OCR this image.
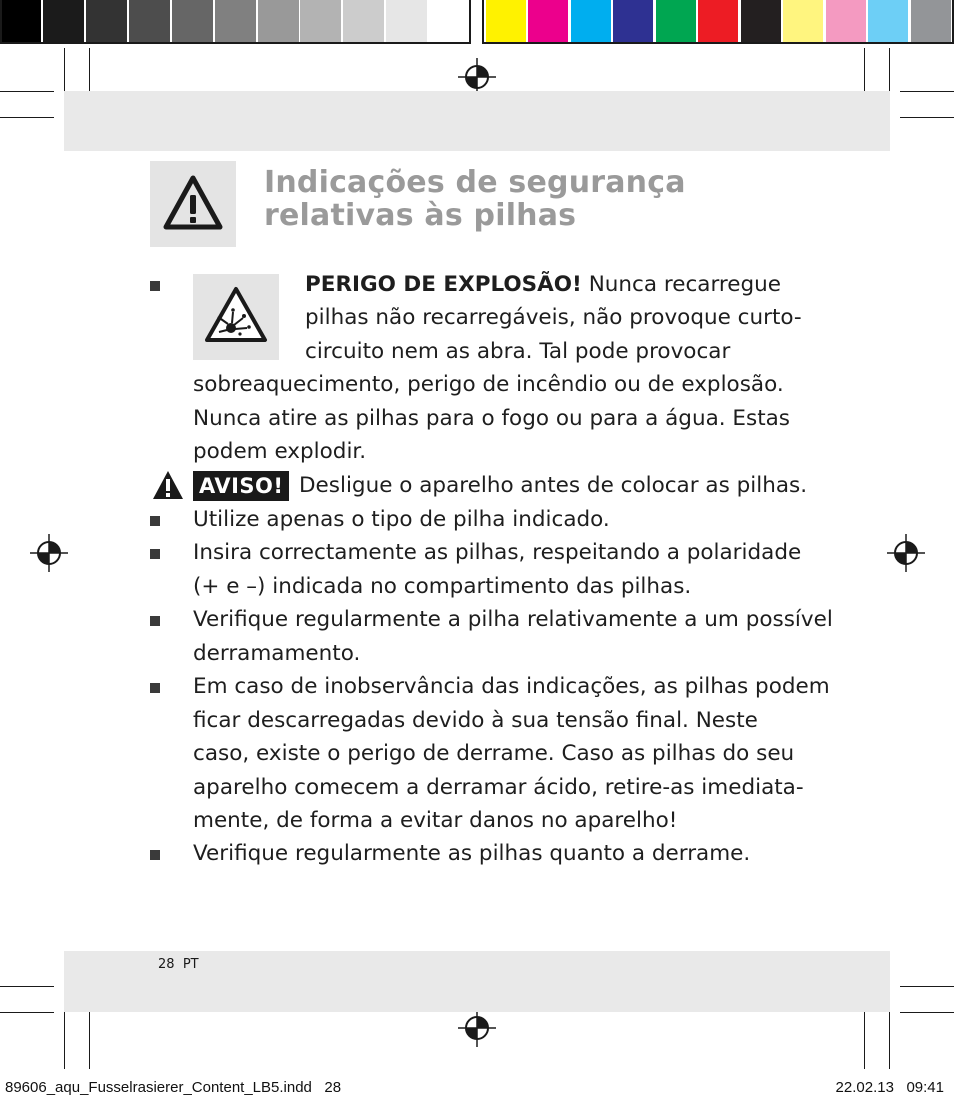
Indicações de segurança
relativas às pilhas
PERIGO DE EXPLOSÃO! Nunca recarregue
pilhas não recarregáveis, não provoque curto-
circuito nem as abra. Tal pode provocar
sobreaquecimento, perigo de incêndio ou de explosão.
Nunca atire as pilhas para o fogo ou para a água. Estas
podem explodir.
AVISO! Desligue o aparelho antes de colocar as pilhas.
Utilize apenas o tipo de pilha indicado.
Insira correctamente as pilhas, respeitando a polaridade
(+ e –) indicada no compartimento das pilhas.
Verifique regularmente a pilha relativamente a um possível
derramamento.
Em caso de inobservância das indicações, as pilhas podem
ficar descarregadas devido à sua tensão final. Neste
caso, existe o perigo de derrame. Caso as pilhas do seu
aparelho comecem a derramar ácido, retire-as imediata-
mente, de forma a evitar danos no aparelho!
Verifique regularmente as pilhas quanto a derrame.
28 PT
89606_aqu_Fusselrasierer_Content_LB5.indd 28	22.02.13 09:41
